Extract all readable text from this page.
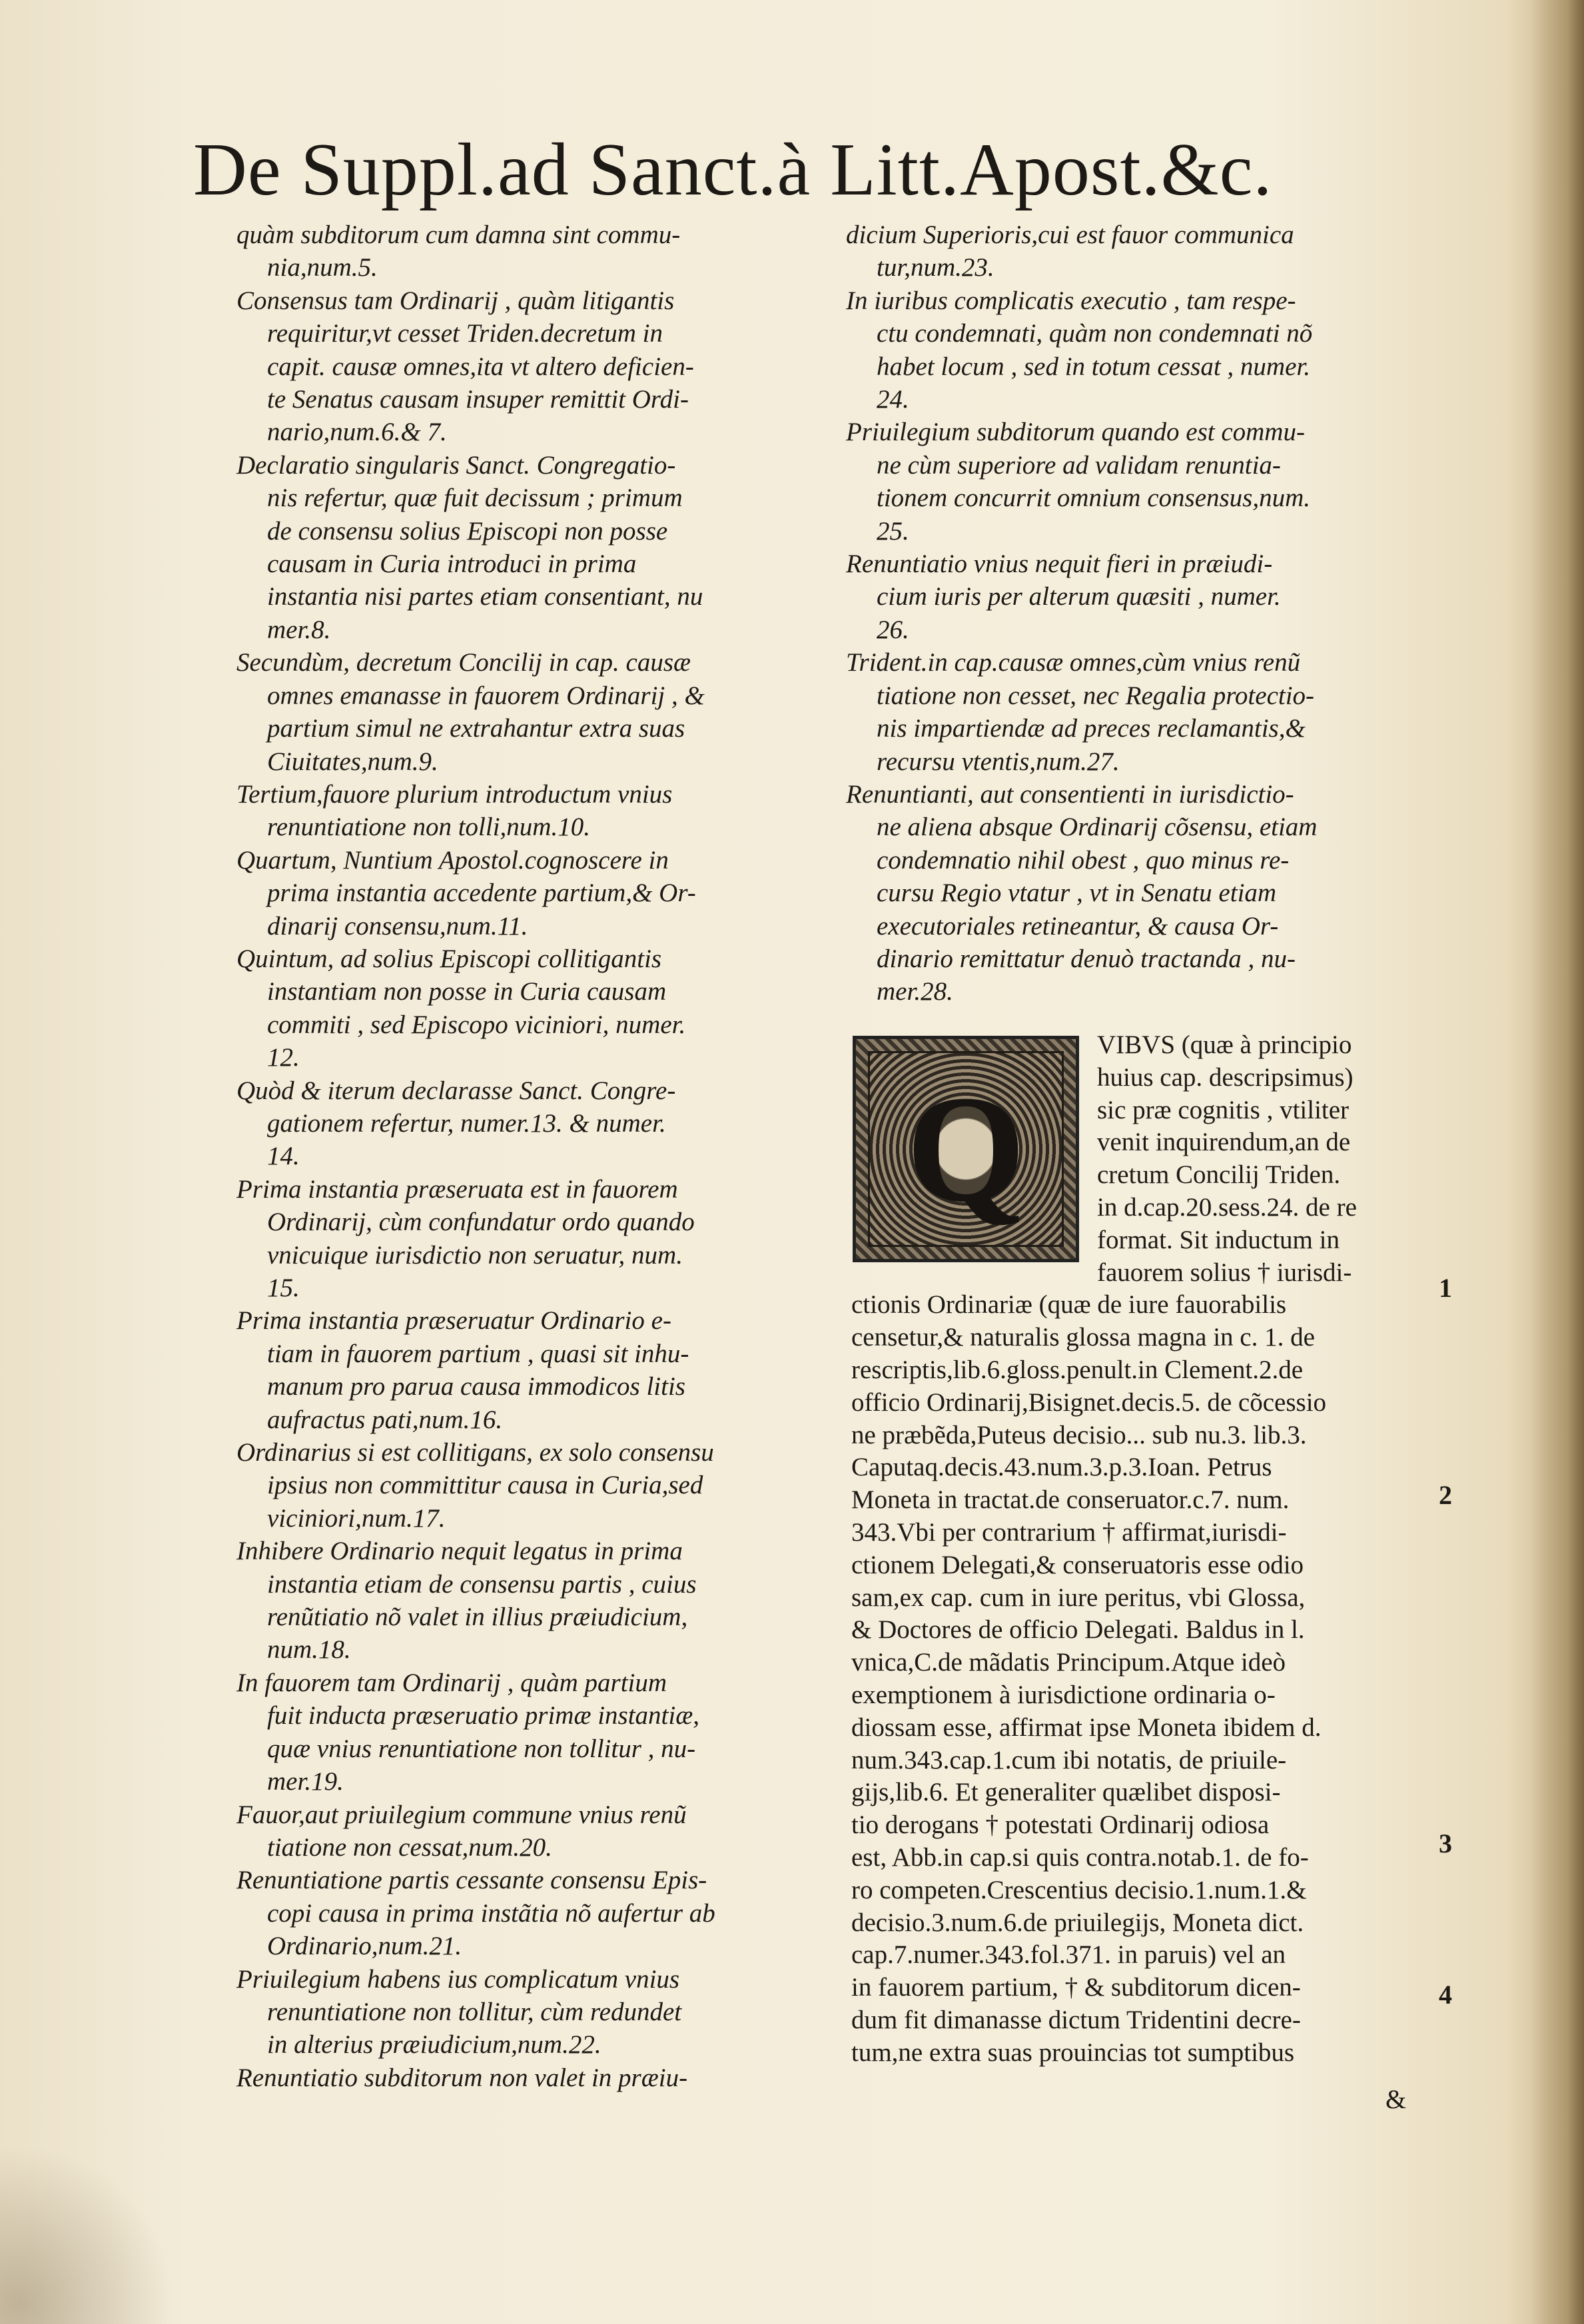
De Suppl.ad Sanct.à Litt.Apost.&c.

quàm subditorum cum damna sint commu-
nia,num.5.

Consensus tam Ordinarij , quàm litigantis
requiritur,vt cesset Triden.decretum in
capit. causæ omnes,ita vt altero deficien-
te Senatus causam insuper remittit Ordi-
nario,num.6.& 7.

Declaratio singularis Sanct. Congregatio-
nis refertur, quæ fuit decissum ; primum
de consensu solius Episcopi non posse
causam in Curia introduci in prima
instantia nisi partes etiam consentiant, nu
mer.8.

Secundùm, decretum Concilij in cap. causæ
omnes emanasse in fauorem Ordinarij , &
partium simul ne extrahantur extra suas
Ciuitates,num.9.

Tertium,fauore plurium introductum vnius
renuntiatione non tolli,num.10.

Quartum, Nuntium Apostol.cognoscere in
prima instantia accedente partium,& Or-
dinarij consensu,num.11.

Quintum, ad solius Episcopi collitigantis
instantiam non posse in Curia causam
commiti , sed Episcopo viciniori, numer.
12.

Quòd & iterum declarasse Sanct. Congre-
gationem refertur, numer.13. & numer.
14.

Prima instantia præseruata est in fauorem
Ordinarij, cùm confundatur ordo quando
vnicuique iurisdictio non seruatur, num.
15.

Prima instantia præseruatur Ordinario e-
tiam in fauorem partium , quasi sit inhu-
manum pro parua causa immodicos litis
aufractus pati,num.16.

Ordinarius si est collitigans, ex solo consensu
ipsius non committitur causa in Curia,sed
viciniori,num.17.

Inhibere Ordinario nequit legatus in prima
instantia etiam de consensu partis , cuius
renũtiatio nõ valet in illius præiudicium,
num.18.

In fauorem tam Ordinarij , quàm partium
fuit inducta præseruatio primæ instantiæ,
quæ vnius renuntiatione non tollitur , nu-
mer.19.

Fauor,aut priuilegium commune vnius renũ
tiatione non cessat,num.20.

Renuntiatione partis cessante consensu Epis-
copi causa in prima instãtia nõ aufertur ab
Ordinario,num.21.

Priuilegium habens ius complicatum vnius
renuntiatione non tollitur, cùm redundet
in alterius præiudicium,num.22.

Renuntiatio subditorum non valet in præiu-

dicium Superioris,cui est fauor communica
tur,num.23.

In iuribus complicatis executio , tam respe-
ctu condemnati, quàm non condemnati nõ
habet locum , sed in totum cessat , numer.
24.

Priuilegium subditorum quando est commu-
ne cùm superiore ad validam renuntia-
tionem concurrit omnium consensus,num.
25.

Renuntiatio vnius nequit fieri in præiudi-
cium iuris per alterum quæsiti , numer.
26.

Trident.in cap.causæ omnes,cùm vnius renũ
tiatione non cesset, nec Regalia protectio-
nis impartiendæ ad preces reclamantis,&
recursu vtentis,num.27.

Renuntianti, aut consentienti in iurisdictio-
ne aliena absque Ordinarij cõsensu, etiam
condemnatio nihil obest , quo minus re-
cursu Regio vtatur , vt in Senatu etiam
executoriales retineantur, & causa Or-
dinario remittatur denuò tractanda , nu-
mer.28.

Q
VIBVS (quæ à principio
huius cap. descripsimus)
sic præ cognitis , vtiliter
venit inquirendum,an de
cretum Concilij Triden.
in d.cap.20.sess.24. de re
format. Sit inductum in
fauorem solius † iurisdi-
ctionis Ordinariæ (quæ de iure fauorabilis
censetur,& naturalis glossa magna in c. 1. de
rescriptis,lib.6.gloss.penult.in Clement.2.de
officio Ordinarij,Bisignet.decis.5. de cõcessio
ne præbẽda,Puteus decisio... sub nu.3. lib.3.
Caputaq.decis.43.num.3.p.3.Ioan. Petrus
Moneta in tractat.de conseruator.c.7. num.
343.Vbi per contrarium † affirmat,iurisdi-
ctionem Delegati,& conseruatoris esse odio
sam,ex cap. cum in iure peritus, vbi Glossa,
& Doctores de officio Delegati. Baldus in l.
vnica,C.de mãdatis Principum.Atque ideò
exemptionem à iurisdictione ordinaria o-
diossam esse, affirmat ipse Moneta ibidem d.
num.343.cap.1.cum ibi notatis, de priuile-
gijs,lib.6. Et generaliter quælibet disposi-
tio derogans † potestati Ordinarij odiosa
est, Abb.in cap.si quis contra.notab.1. de fo-
ro competen.Crescentius decisio.1.num.1.&
decisio.3.num.6.de priuilegijs, Moneta dict.
cap.7.numer.343.fol.371. in paruis) vel an
in fauorem partium, † & subditorum dicen-
dum fit dimanasse dictum Tridentini decre-
tum,ne extra suas prouincias tot sumptibus
1
2
3
4
&
